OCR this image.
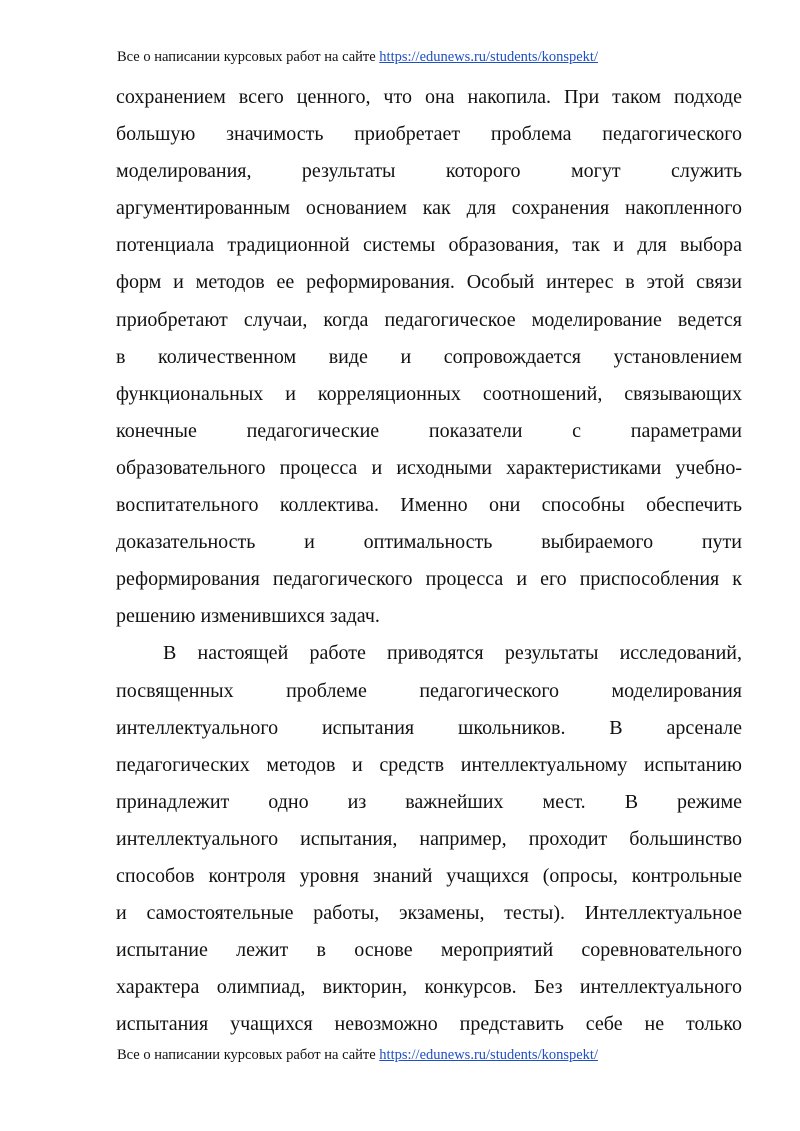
Все о написании курсовых работ на сайте https://edunews.ru/students/konspekt/
сохранением всего ценного, что она накопила. При таком подходе
большую значимость приобретает проблема педагогического
моделирования, результаты которого могут служить
аргументированным основанием как для сохранения накопленного
потенциала традиционной системы образования, так и для выбора
форм и методов ее реформирования. Особый интерес в этой связи
приобретают случаи, когда педагогическое моделирование ведется
в количественном виде и сопровождается установлением
функциональных и корреляционных соотношений, связывающих
конечные педагогические показатели с параметрами
образовательного процесса и исходными характеристиками учебно-
воспитательного коллектива. Именно они способны обеспечить
доказательность и оптимальность выбираемого пути
реформирования педагогического процесса и его приспособления к
решению изменившихся задач.
В настоящей работе приводятся результаты исследований,
посвященных проблеме педагогического моделирования
интеллектуального испытания школьников. В арсенале
педагогических методов и средств интеллектуальному испытанию
принадлежит одно из важнейших мест. В режиме
интеллектуального испытания, например, проходит большинство
способов контроля уровня знаний учащихся (опросы, контрольные
и самостоятельные работы, экзамены, тесты). Интеллектуальное
испытание лежит в основе мероприятий соревновательного
характера олимпиад, викторин, конкурсов. Без интеллектуального
испытания учащихся невозможно представить себе не только
Все о написании курсовых работ на сайте https://edunews.ru/students/konspekt/
